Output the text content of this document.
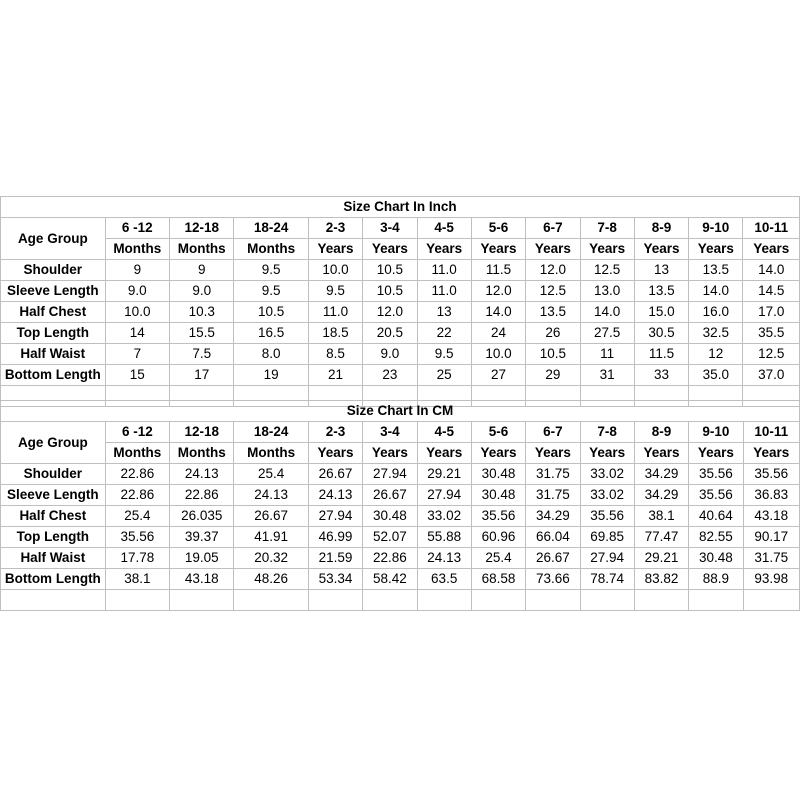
Size Chart In Inch												
Age Group	6 -12	12-18	18-24	2-3	3-4	4-5	5-6	6-7	7-8	8-9	9-10	10-11
	Months	Months	Months	Years	Years	Years	Years	Years	Years	Years	Years	Years
Shoulder	9	9	9.5	10.0	10.5	11.0	11.5	12.0	12.5	13	13.5	14.0
Sleeve Length	9.0	9.0	9.5	9.5	10.5	11.0	12.0	12.5	13.0	13.5	14.0	14.5
Half Chest	10.0	10.3	10.5	11.0	12.0	13	14.0	13.5	14.0	15.0	16.0	17.0
Top Length	14	15.5	16.5	18.5	20.5	22	24	26	27.5	30.5	32.5	35.5
Half Waist	7	7.5	8.0	8.5	9.0	9.5	10.0	10.5	11	11.5	12	12.5
Bottom Length	15	17	19	21	23	25	27	29	31	33	35.0	37.0

Size Chart In CM												
Age Group	6 -12	12-18	18-24	2-3	3-4	4-5	5-6	6-7	7-8	8-9	9-10	10-11
	Months	Months	Months	Years	Years	Years	Years	Years	Years	Years	Years	Years
Shoulder	22.86	24.13	25.4	26.67	27.94	29.21	30.48	31.75	33.02	34.29	35.56	35.56
Sleeve Length	22.86	22.86	24.13	24.13	26.67	27.94	30.48	31.75	33.02	34.29	35.56	36.83
Half Chest	25.4	26.035	26.67	27.94	30.48	33.02	35.56	34.29	35.56	38.1	40.64	43.18
Top Length	35.56	39.37	41.91	46.99	52.07	55.88	60.96	66.04	69.85	77.47	82.55	90.17
Half Waist	17.78	19.05	20.32	21.59	22.86	24.13	25.4	26.67	27.94	29.21	30.48	31.75
Bottom Length	38.1	43.18	48.26	53.34	58.42	63.5	68.58	73.66	78.74	83.82	88.9	93.98
